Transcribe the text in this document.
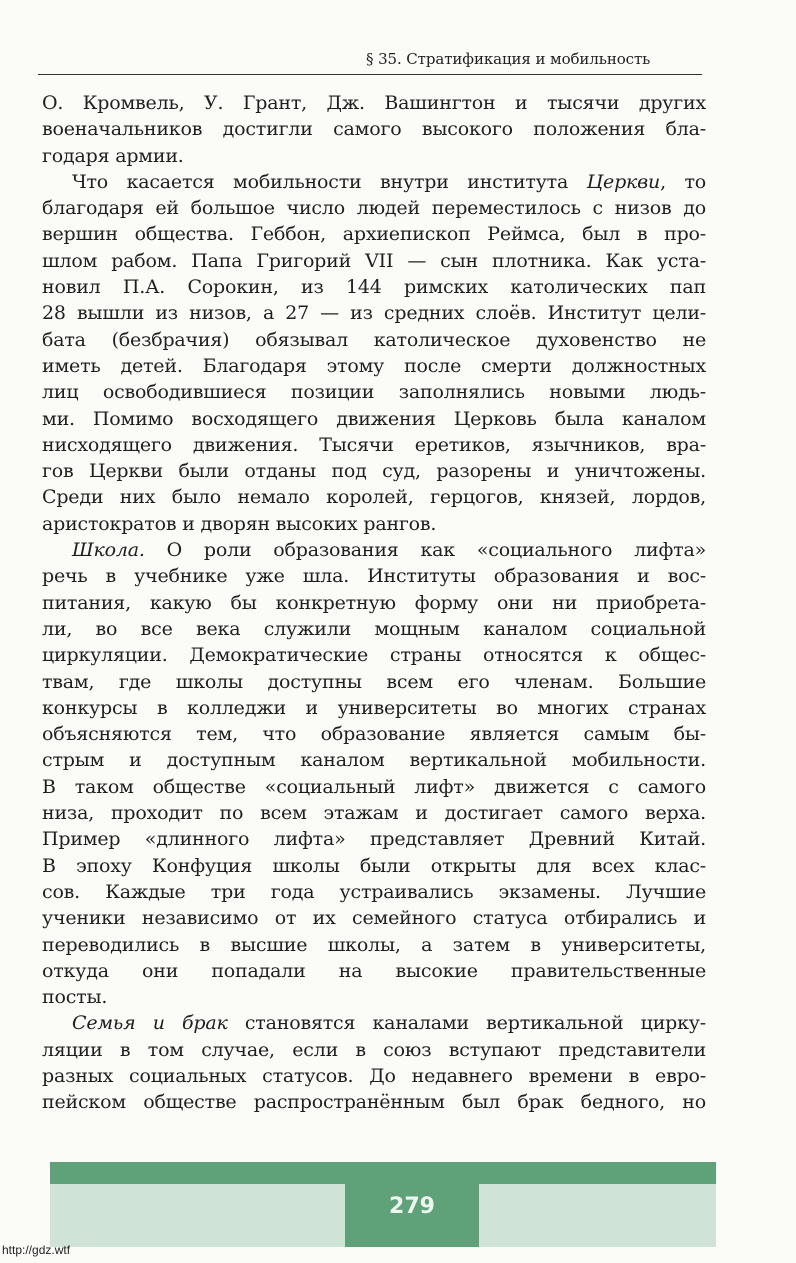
§ 35. Стратификация и мобильность
О. Кромвель, У. Грант, Дж. Вашингтон и тысячи других
военачальников достигли самого высокого положения бла-
годаря армии.
Что касается мобильности внутри института Церкви, то
благодаря ей большое число людей переместилось с низов до
вершин общества. Геббон, архиепископ Реймса, был в про-
шлом рабом. Папа Григорий VII — сын плотника. Как уста-
новил П.А. Сорокин, из 144 римских католических пап
28 вышли из низов, а 27 — из средних слоёв. Институт цели-
бата (безбрачия) обязывал католическое духовенство не
иметь детей. Благодаря этому после смерти должностных
лиц освободившиеся позиции заполнялись новыми людь-
ми. Помимо восходящего движения Церковь была каналом
нисходящего движения. Тысячи еретиков, язычников, вра-
гов Церкви были отданы под суд, разорены и уничтожены.
Среди них было немало королей, герцогов, князей, лордов,
аристократов и дворян высоких рангов.
Школа. О роли образования как «социального лифта»
речь в учебнике уже шла. Институты образования и вос-
питания, какую бы конкретную форму они ни приобрета-
ли, во все века служили мощным каналом социальной
циркуляции. Демократические страны относятся к общес-
твам, где школы доступны всем его членам. Большие
конкурсы в колледжи и университеты во многих странах
объясняются тем, что образование является самым бы-
стрым и доступным каналом вертикальной мобильности.
В таком обществе «социальный лифт» движется с самого
низа, проходит по всем этажам и достигает самого верха.
Пример «длинного лифта» представляет Древний Китай.
В эпоху Конфуция школы были открыты для всех клас-
сов. Каждые три года устраивались экзамены. Лучшие
ученики независимо от их семейного статуса отбирались и
переводились в высшие школы, а затем в университеты,
откуда они попадали на высокие правительственные
посты.
Семья и брак становятся каналами вертикальной цирку-
ляции в том случае, если в союз вступают представители
разных социальных статусов. До недавнего времени в евро-
пейском обществе распространённым был брак бедного, но
279
http://gdz.wtf
